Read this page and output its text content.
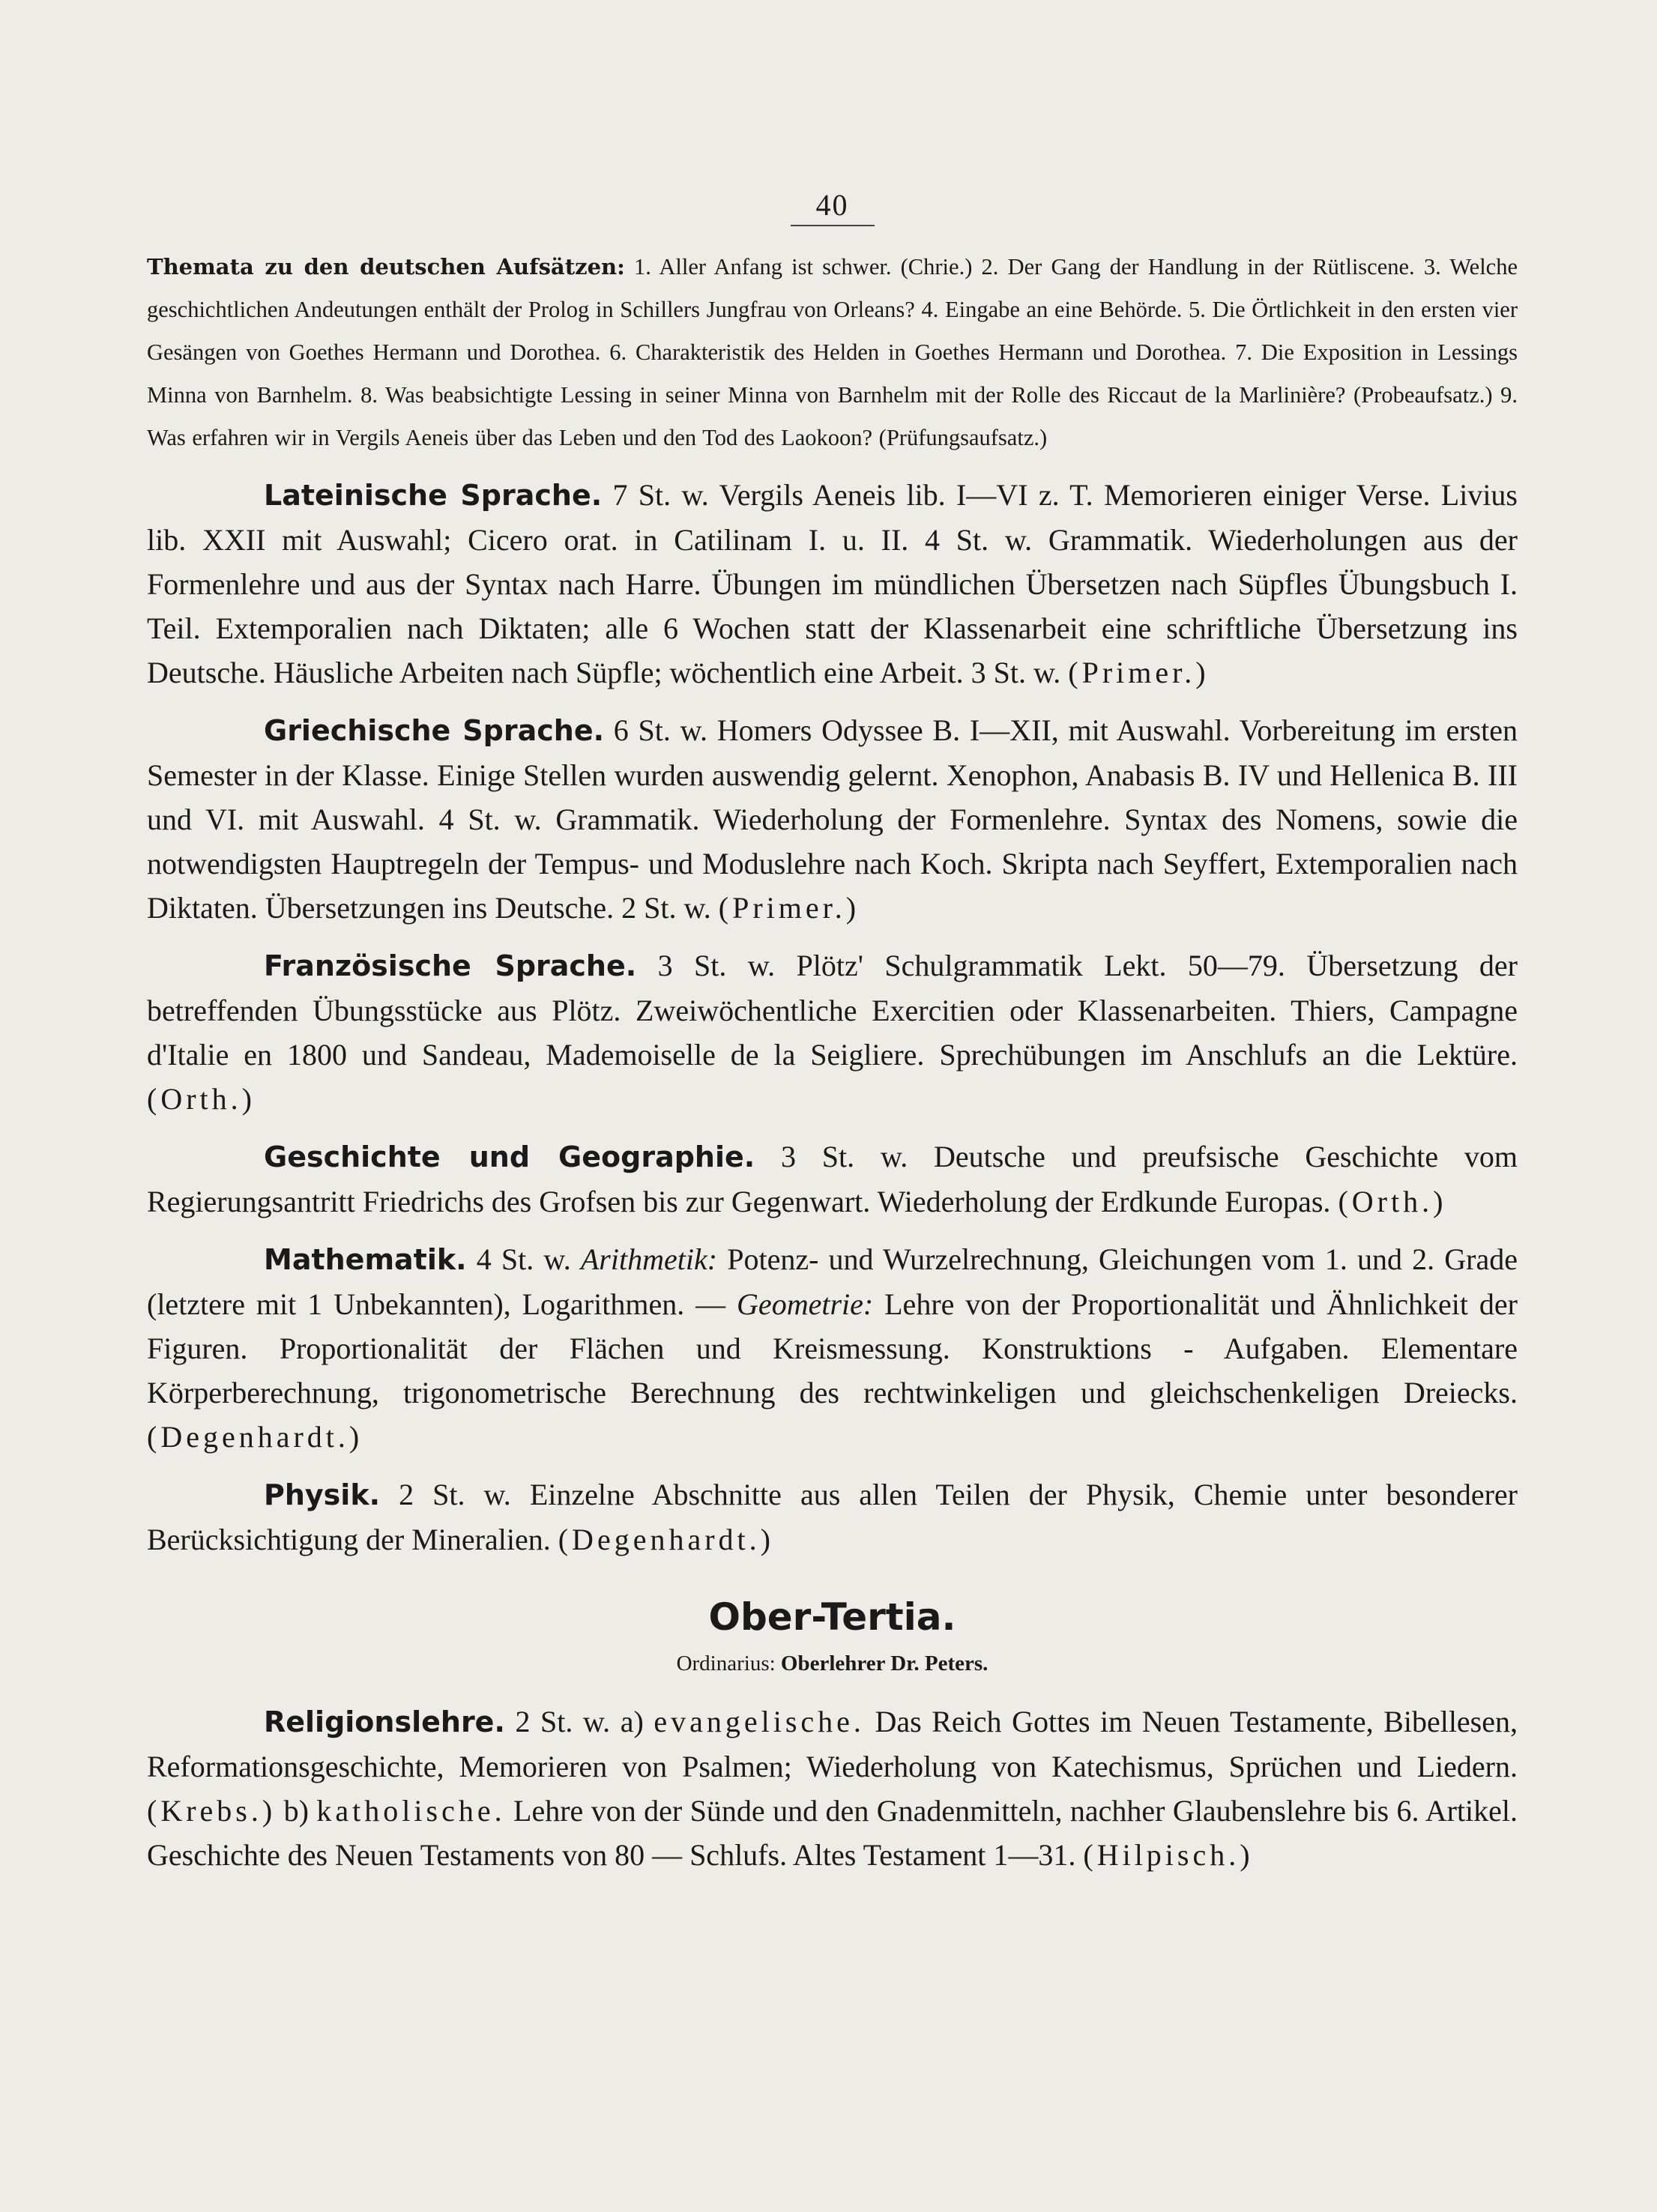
40

Themata zu den deutschen Aufsätzen: 1. Aller Anfang ist schwer. (Chrie.) 2. Der Gang der Handlung in der Rütliscene. 3. Welche geschichtlichen Andeutungen enthält der Prolog in Schillers Jungfrau von Orleans? 4. Eingabe an eine Behörde. 5. Die Örtlichkeit in den ersten vier Gesängen von Goethes Hermann und Dorothea. 6. Charakteristik des Helden in Goethes Hermann und Dorothea. 7. Die Exposition in Lessings Minna von Barnhelm. 8. Was beabsichtigte Lessing in seiner Minna von Barnhelm mit der Rolle des Riccaut de la Marlinière? (Probeaufsatz.) 9. Was erfahren wir in Vergils Aeneis über das Leben und den Tod des Laokoon? (Prüfungsaufsatz.)

Lateinische Sprache. 7 St. w. Vergils Aeneis lib. I—VI z. T. Memorieren einiger Verse. Livius lib. XXII mit Auswahl; Cicero orat. in Catilinam I. u. II. 4 St. w. Grammatik. Wiederholungen aus der Formenlehre und aus der Syntax nach Harre. Übungen im mündlichen Übersetzen nach Süpfles Übungsbuch I. Teil. Extemporalien nach Diktaten; alle 6 Wochen statt der Klassenarbeit eine schriftliche Übersetzung ins Deutsche. Häusliche Arbeiten nach Süpfle; wöchentlich eine Arbeit. 3 St. w. (Primer.)

Griechische Sprache. 6 St. w. Homers Odyssee B. I—XII, mit Auswahl. Vorbereitung im ersten Semester in der Klasse. Einige Stellen wurden auswendig gelernt. Xenophon, Anabasis B. IV und Hellenica B. III und VI. mit Auswahl. 4 St. w. Grammatik. Wiederholung der Formenlehre. Syntax des Nomens, sowie die notwendigsten Hauptregeln der Tempus- und Moduslehre nach Koch. Skripta nach Seyffert, Extemporalien nach Diktaten. Übersetzungen ins Deutsche. 2 St. w. (Primer.)

Französische Sprache. 3 St. w. Plötz' Schulgrammatik Lekt. 50—79. Übersetzung der betreffenden Übungsstücke aus Plötz. Zweiwöchentliche Exercitien oder Klassenarbeiten. Thiers, Campagne d'Italie en 1800 und Sandeau, Mademoiselle de la Seigliere. Sprechübungen im Anschlufs an die Lektüre. (Orth.)

Geschichte und Geographie. 3 St. w. Deutsche und preufsische Geschichte vom Regierungsantritt Friedrichs des Grofsen bis zur Gegenwart. Wiederholung der Erdkunde Europas. (Orth.)

Mathematik. 4 St. w. Arithmetik: Potenz- und Wurzelrechnung, Gleichungen vom 1. und 2. Grade (letztere mit 1 Unbekannten), Logarithmen. — Geometrie: Lehre von der Proportionalität und Ähnlichkeit der Figuren. Proportionalität der Flächen und Kreismessung. Konstruktions - Aufgaben. Elementare Körperberechnung, trigonometrische Berechnung des rechtwinkeligen und gleichschenkeligen Dreiecks. (Degenhardt.)

Physik. 2 St. w. Einzelne Abschnitte aus allen Teilen der Physik, Chemie unter besonderer Berücksichtigung der Mineralien. (Degenhardt.)

Ober-Tertia.
Ordinarius: Oberlehrer Dr. Peters.

Religionslehre. 2 St. w. a) evangelische. Das Reich Gottes im Neuen Testamente, Bibellesen, Reformationsgeschichte, Memorieren von Psalmen; Wiederholung von Katechismus, Sprüchen und Liedern. (Krebs.) b) katholische. Lehre von der Sünde und den Gnadenmitteln, nachher Glaubenslehre bis 6. Artikel. Geschichte des Neuen Testaments von 80 — Schlufs. Altes Testament 1—31. (Hilpisch.)
